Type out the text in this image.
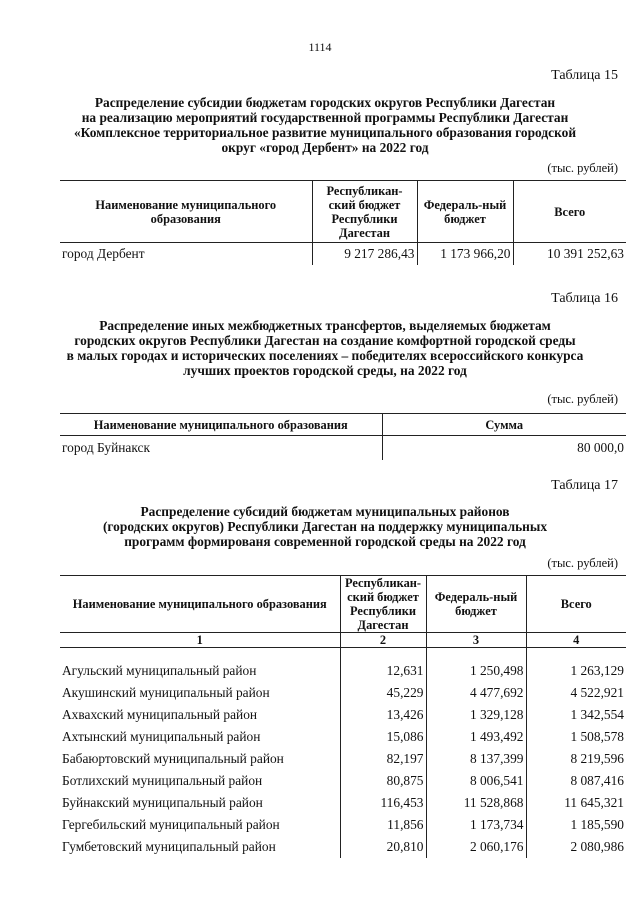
1114
Таблица 15
Распределение субсидии бюджетам городских округов Республики Дагестан
на реализацию мероприятий государственной программы Республики Дагестан
«Комплексное территориальное развитие муниципального образования городской
округ «город Дербент» на 2022 год
(тыс. рублей)
Наименование муниципального образования	Республикан-ский бюджет Республики Дагестан	Федераль-ный бюджет	Всего
город Дербент	9 217 286,43	1 173 966,20	10 391 252,63
Таблица 16
Распределение иных межбюджетных трансфертов, выделяемых бюджетам
городских округов Республики Дагестан на создание комфортной городской среды
в малых городах и исторических поселениях – победителях всероссийского конкурса
лучших проектов городской среды, на 2022 год
(тыс. рублей)
Наименование муниципального образования	Сумма
город Буйнакск	80 000,0
Таблица 17
Распределение субсидий бюджетам муниципальных районов
(городских округов) Республики Дагестан на поддержку муниципальных
программ формированя современной городской среды на 2022 год
(тыс. рублей)
Наименование муниципального образования	Республикан-ский бюджет Республики Дагестан	Федераль-ный бюджет	Всего
1	2	3	4

Агульский муниципальный район	12,631	1 250,498	1 263,129
Акушинский муниципальный район	45,229	4 477,692	4 522,921
Ахвахский муниципальный район	13,426	1 329,128	1 342,554
Ахтынский муниципальный район	15,086	1 493,492	1 508,578
Бабаюртовский муниципальный район	82,197	8 137,399	8 219,596
Ботлихский муниципальный район	80,875	8 006,541	8 087,416
Буйнакский муниципальный район	116,453	11 528,868	11 645,321
Гергебильский муниципальный район	11,856	1 173,734	1 185,590
Гумбетовский муниципальный район	20,810	2 060,176	2 080,986
